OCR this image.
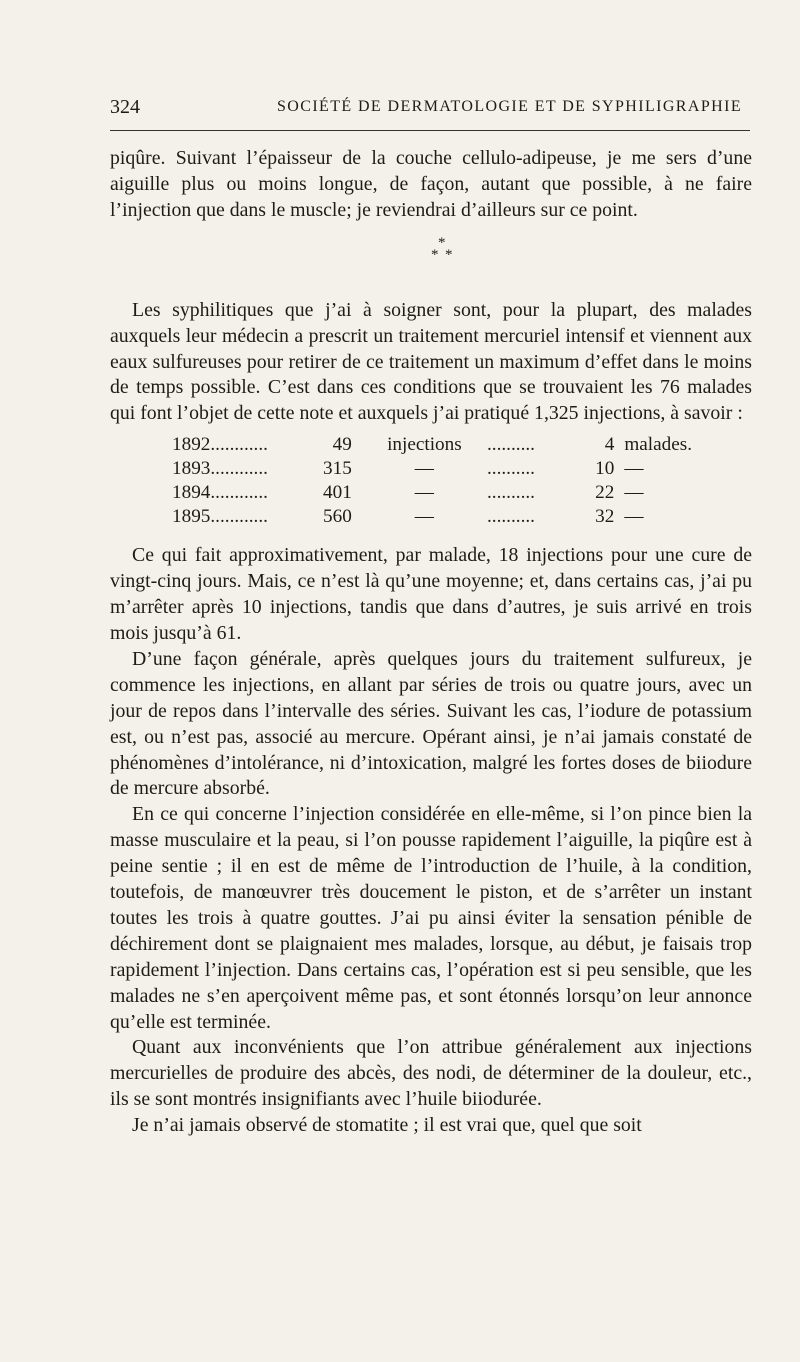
324	SOCIÉTÉ DE DERMATOLOGIE ET DE SYPHILIGRAPHIE

piqûre. Suivant l’épaisseur de la couche cellulo-adipeuse, je me sers d’une aiguille plus ou moins longue, de façon, autant que possible, à ne faire l’injection que dans le muscle; je reviendrai d’ailleurs sur ce point.

*
* *

Les syphilitiques que j’ai à soigner sont, pour la plupart, des malades auxquels leur médecin a prescrit un traitement mercuriel intensif et viennent aux eaux sulfureuses pour retirer de ce traitement un maximum d’effet dans le moins de temps possible. C’est dans ces conditions que se trouvaient les 76 malades qui font l’objet de cette note et auxquels j’ai pratiqué 1,325 injections, à savoir :

1892............	49	injections	..........	4	malades.
1893............	315	—	..........	10	—
1894............	401	—	..........	22	—
1895............	560	—	..........	32	—

Ce qui fait approximativement, par malade, 18 injections pour une cure de vingt-cinq jours. Mais, ce n’est là qu’une moyenne; et, dans certains cas, j’ai pu m’arrêter après 10 injections, tandis que dans d’autres, je suis arrivé en trois mois jusqu’à 61.

D’une façon générale, après quelques jours du traitement sulfureux, je commence les injections, en allant par séries de trois ou quatre jours, avec un jour de repos dans l’intervalle des séries. Suivant les cas, l’iodure de potassium est, ou n’est pas, associé au mercure. Opérant ainsi, je n’ai jamais constaté de phénomènes d’intolérance, ni d’intoxication, malgré les fortes doses de biiodure de mercure absorbé.

En ce qui concerne l’injection considérée en elle-même, si l’on pince bien la masse musculaire et la peau, si l’on pousse rapidement l’aiguille, la piqûre est à peine sentie ; il en est de même de l’introduction de l’huile, à la condition, toutefois, de manœuvrer très doucement le piston, et de s’arrêter un instant toutes les trois à quatre gouttes. J’ai pu ainsi éviter la sensation pénible de déchirement dont se plaignaient mes malades, lorsque, au début, je faisais trop rapidement l’injection. Dans certains cas, l’opération est si peu sensible, que les malades ne s’en aperçoivent même pas, et sont étonnés lorsqu’on leur annonce qu’elle est terminée.

Quant aux inconvénients que l’on attribue généralement aux injections mercurielles de produire des abcès, des nodi, de déterminer de la douleur, etc., ils se sont montrés insignifiants avec l’huile biiodurée.

Je n’ai jamais observé de stomatite ; il est vrai que, quel que soit
